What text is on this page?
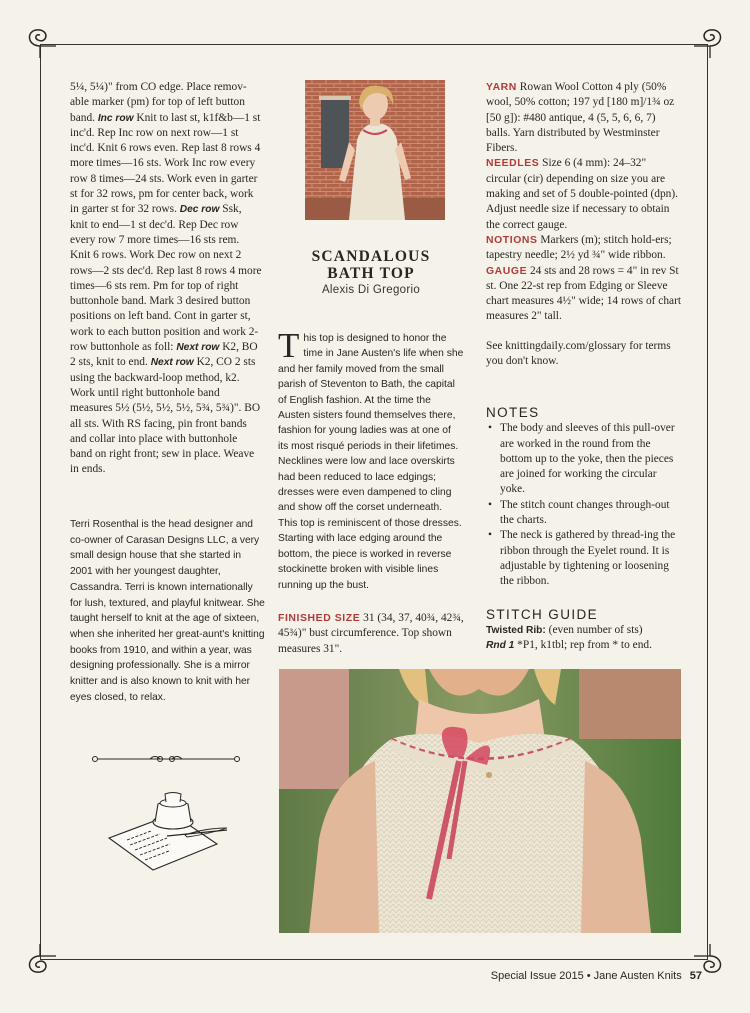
5¼, 5¼)" from CO edge. Place remov-able marker (pm) for top of left button band. Inc row Knit to last st, k1f&b—1 st inc'd. Rep Inc row on next row—1 st inc'd. Knit 6 rows even. Rep last 8 rows 4 more times—16 sts. Work Inc row every row 8 times—24 sts. Work even in garter st for 32 rows, pm for center back, work in garter st for 32 rows. Dec row Ssk, knit to end—1 st dec'd. Rep Dec row every row 7 more times—16 sts rem. Knit 6 rows. Work Dec row on next 2 rows—2 sts dec'd. Rep last 8 rows 4 more times—6 sts rem. Pm for top of right buttonhole band. Mark 3 desired button positions on left band. Cont in garter st, work to each button position and work 2-row buttonhole as foll: Next row K2, BO 2 sts, knit to end. Next row K2, CO 2 sts using the backward-loop method, k2. Work until right buttonhole band measures 5½ (5½, 5½, 5½, 5¾, 5¾)". BO all sts. With RS facing, pin front bands and collar into place with buttonhole band on right front; sew in place. Weave in ends.

Terri Rosenthal is the head designer and co-owner of Carasan Designs LLC, a very small design house that she started in 2001 with her youngest daughter, Cassandra. Terri is known internationally for lush, textured, and playful knitwear. She taught herself to knit at the age of sixteen, when she inherited her great-aunt's knitting books from 1910, and within a year, was designing professionally. She is a mirror knitter and is also known to knit with her eyes closed, to relax.

SCANDALOUS
BATH TOP
Alexis Di Gregorio

This top is designed to honor the time in Jane Austen's life when she and her family moved from the small parish of Steventon to Bath, the capital of English fashion. At the time the Austen sisters found themselves there, fashion for young ladies was at one of its most risqué periods in their lifetimes. Necklines were low and lace overskirts had been reduced to lace edgings; dresses were even dampened to cling and show off the corset underneath. This top is reminiscent of those dresses. Starting with lace edging around the bottom, the piece is worked in reverse stockinette broken with visible lines running up the bust.

FINISHED SIZE 31 (34, 37, 40¾, 42¾, 45¾)" bust circumference. Top shown measures 31".

YARN Rowan Wool Cotton 4 ply (50% wool, 50% cotton; 197 yd [180 m]/1¾ oz [50 g]): #480 antique, 4 (5, 5, 6, 6, 7) balls. Yarn distributed by Westminster Fibers.

NEEDLES Size 6 (4 mm): 24–32" circular (cir) depending on size you are making and set of 5 double-pointed (dpn). Adjust needle size if necessary to obtain the correct gauge.

NOTIONS Markers (m); stitch hold-ers; tapestry needle; 2½ yd ¾" wide ribbon.

GAUGE 24 sts and 28 rows = 4" in rev St st. One 22-st rep from Edging or Sleeve chart measures 4½" wide; 14 rows of chart measures 2" tall.

See knittingdaily.com/glossary for terms you don't know.

NOTES
• The body and sleeves of this pull-over are worked in the round from the bottom up to the yoke, then the pieces are joined for working the circular yoke.
• The stitch count changes through-out the charts.
• The neck is gathered by thread-ing the ribbon through the Eyelet round. It is adjustable by tightening or loosening the ribbon.
STITCH GUIDE
Twisted Rib: (even number of sts)
Rnd 1 *P1, k1tbl; rep from * to end.
Special Issue 2015 • Jane Austen Knits 57
